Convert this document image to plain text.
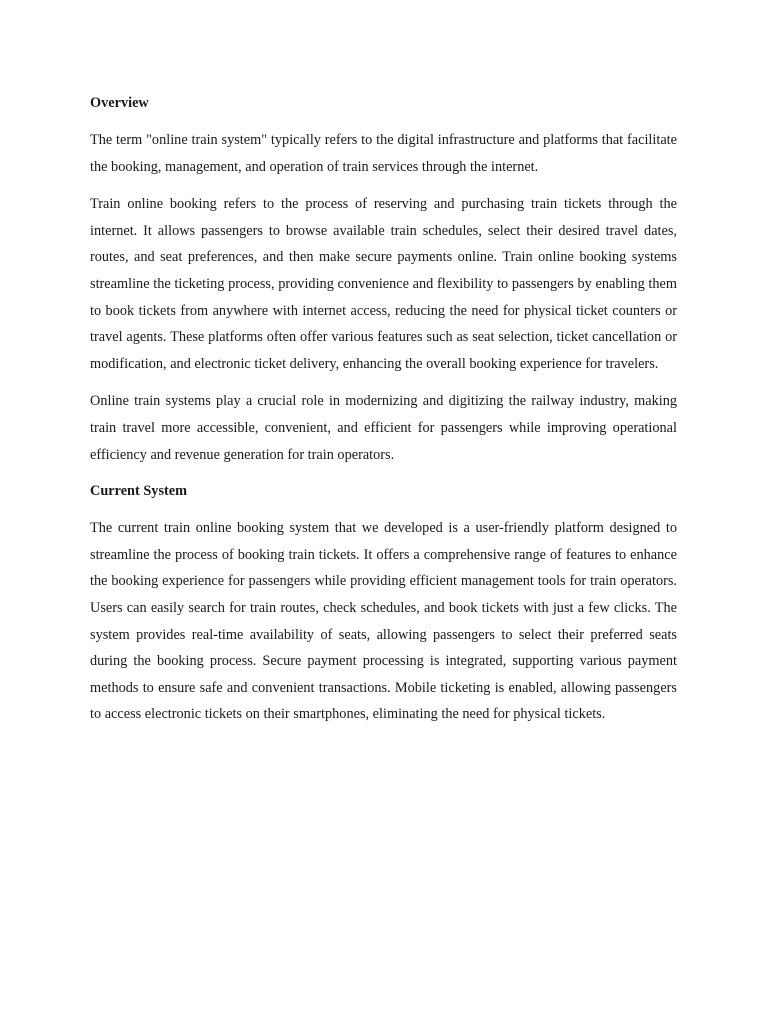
Overview

The term "online train system" typically refers to the digital infrastructure and platforms that facilitate the booking, management, and operation of train services through the internet.

Train online booking refers to the process of reserving and purchasing train tickets through the internet. It allows passengers to browse available train schedules, select their desired travel dates, routes, and seat preferences, and then make secure payments online. Train online booking systems streamline the ticketing process, providing convenience and flexibility to passengers by enabling them to book tickets from anywhere with internet access, reducing the need for physical ticket counters or travel agents. These platforms often offer various features such as seat selection, ticket cancellation or modification, and electronic ticket delivery, enhancing the overall booking experience for travelers.

Online train systems play a crucial role in modernizing and digitizing the railway industry, making train travel more accessible, convenient, and efficient for passengers while improving operational efficiency and revenue generation for train operators.

Current System

The current train online booking system that we developed is a user-friendly platform designed to streamline the process of booking train tickets. It offers a comprehensive range of features to enhance the booking experience for passengers while providing efficient management tools for train operators. Users can easily search for train routes, check schedules, and book tickets with just a few clicks. The system provides real-time availability of seats, allowing passengers to select their preferred seats during the booking process. Secure payment processing is integrated, supporting various payment methods to ensure safe and convenient transactions. Mobile ticketing is enabled, allowing passengers to access electronic tickets on their smartphones, eliminating the need for physical tickets.
